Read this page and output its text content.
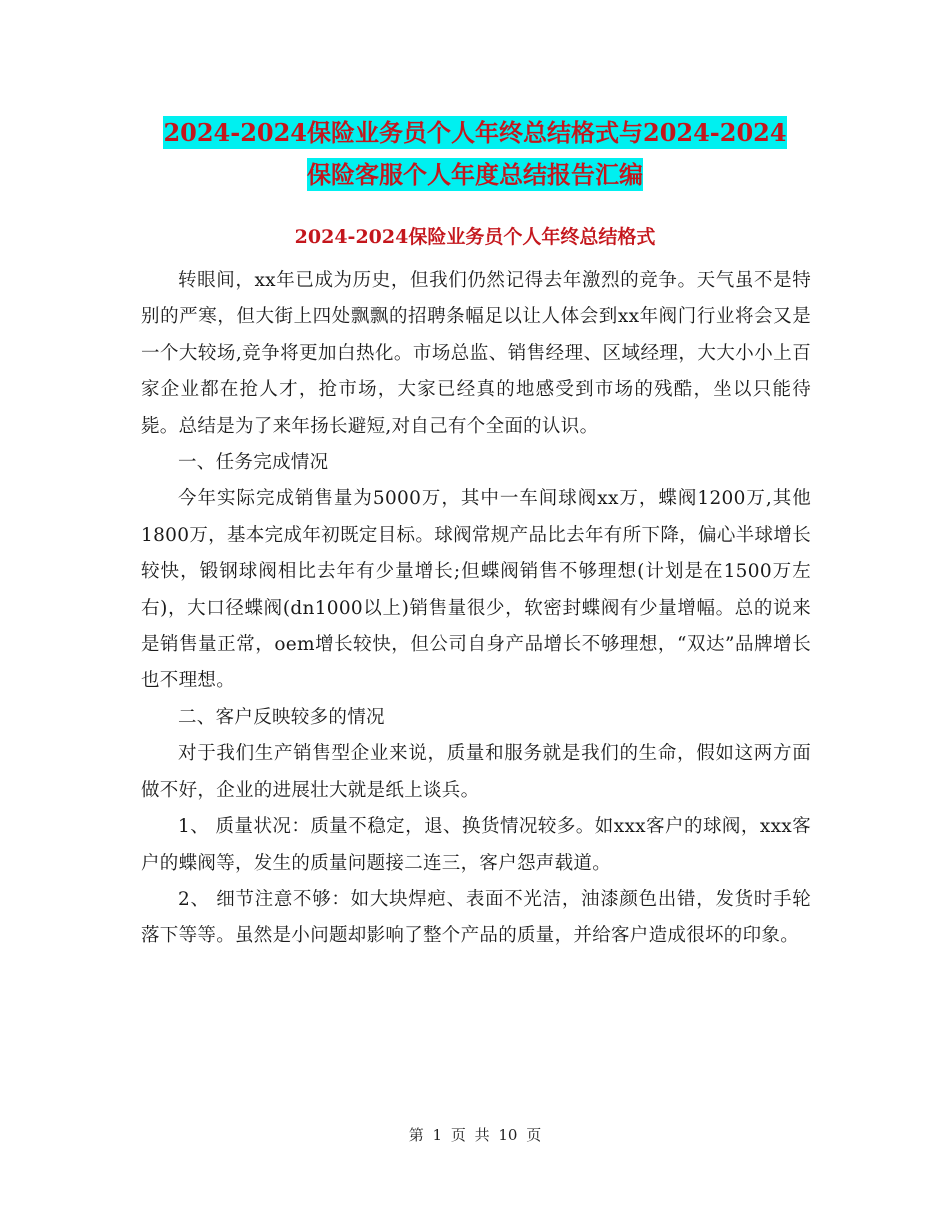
2024-2024保险业务员个人年终总结格式与2024-2024
保险客服个人年度总结报告汇编
2024-2024保险业务员个人年终总结格式

转眼间，xx年已成为历史，但我们仍然记得去年激烈的竞争。天气虽不是特别的严寒，但大街上四处飘飘的招聘条幅足以让人体会到xx年阀门行业将会又是一个大较场,竞争将更加白热化。市场总监、销售经理、区域经理，大大小小上百家企业都在抢人才，抢市场，大家已经真的地感受到市场的残酷，坐以只能待毙。总结是为了来年扬长避短,对自己有个全面的认识。

一、任务完成情况

今年实际完成销售量为5000万，其中一车间球阀xx万，蝶阀1200万,其他1800万，基本完成年初既定目标。球阀常规产品比去年有所下降，偏心半球增长较快，锻钢球阀相比去年有少量增长;但蝶阀销售不够理想(计划是在1500万左右)，大口径蝶阀(dn1000以上)销售量很少，软密封蝶阀有少量增幅。总的说来是销售量正常，oem增长较快，但公司自身产品增长不够理想，“双达”品牌增长也不理想。

二、客户反映较多的情况

对于我们生产销售型企业来说，质量和服务就是我们的生命，假如这两方面做不好，企业的进展壮大就是纸上谈兵。

1、 质量状况：质量不稳定，退、换货情况较多。如xxx客户的球阀，xxx客户的蝶阀等，发生的质量问题接二连三，客户怨声载道。

2、 细节注意不够：如大块焊疤、表面不光洁，油漆颜色出错，发货时手轮落下等等。虽然是小问题却影响了整个产品的质量，并给客户造成很坏的印象。

第 1 页 共 10 页
